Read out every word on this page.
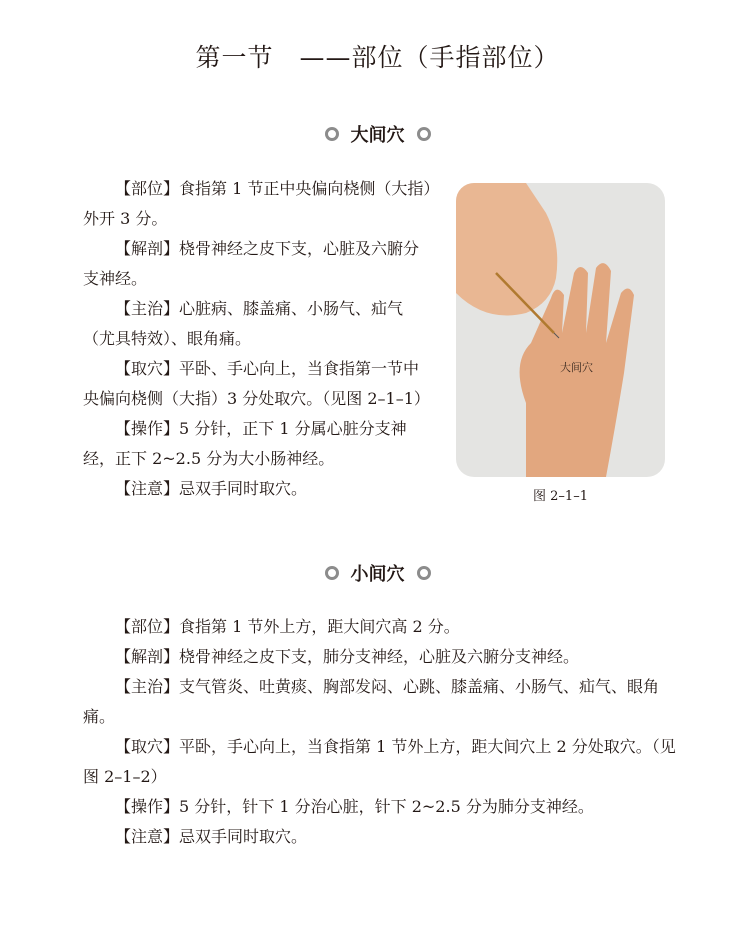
第一节　——部位（手指部位）
大间穴

【部位】食指第 1 节正中央偏向桡侧（大指）外开 3 分。

【解剖】桡骨神经之皮下支，心脏及六腑分支神经。

【主治】心脏病、膝盖痛、小肠气、疝气（尤具特效）、眼角痛。

【取穴】平卧、手心向上，当食指第一节中央偏向桡侧（大指）3 分处取穴。（见图 2–1–1）

【操作】5 分针，正下 1 分属心脏分支神经，正下 2~2.5 分为大小肠神经。

【注意】忌双手同时取穴。

大间穴
图 2–1–1
小间穴

【部位】食指第 1 节外上方，距大间穴高 2 分。

【解剖】桡骨神经之皮下支，肺分支神经，心脏及六腑分支神经。

【主治】支气管炎、吐黄痰、胸部发闷、心跳、膝盖痛、小肠气、疝气、眼角痛。

【取穴】平卧，手心向上，当食指第 1 节外上方，距大间穴上 2 分处取穴。（见图 2–1–2）

【操作】5 分针，针下 1 分治心脏，针下 2~2.5 分为肺分支神经。

【注意】忌双手同时取穴。
